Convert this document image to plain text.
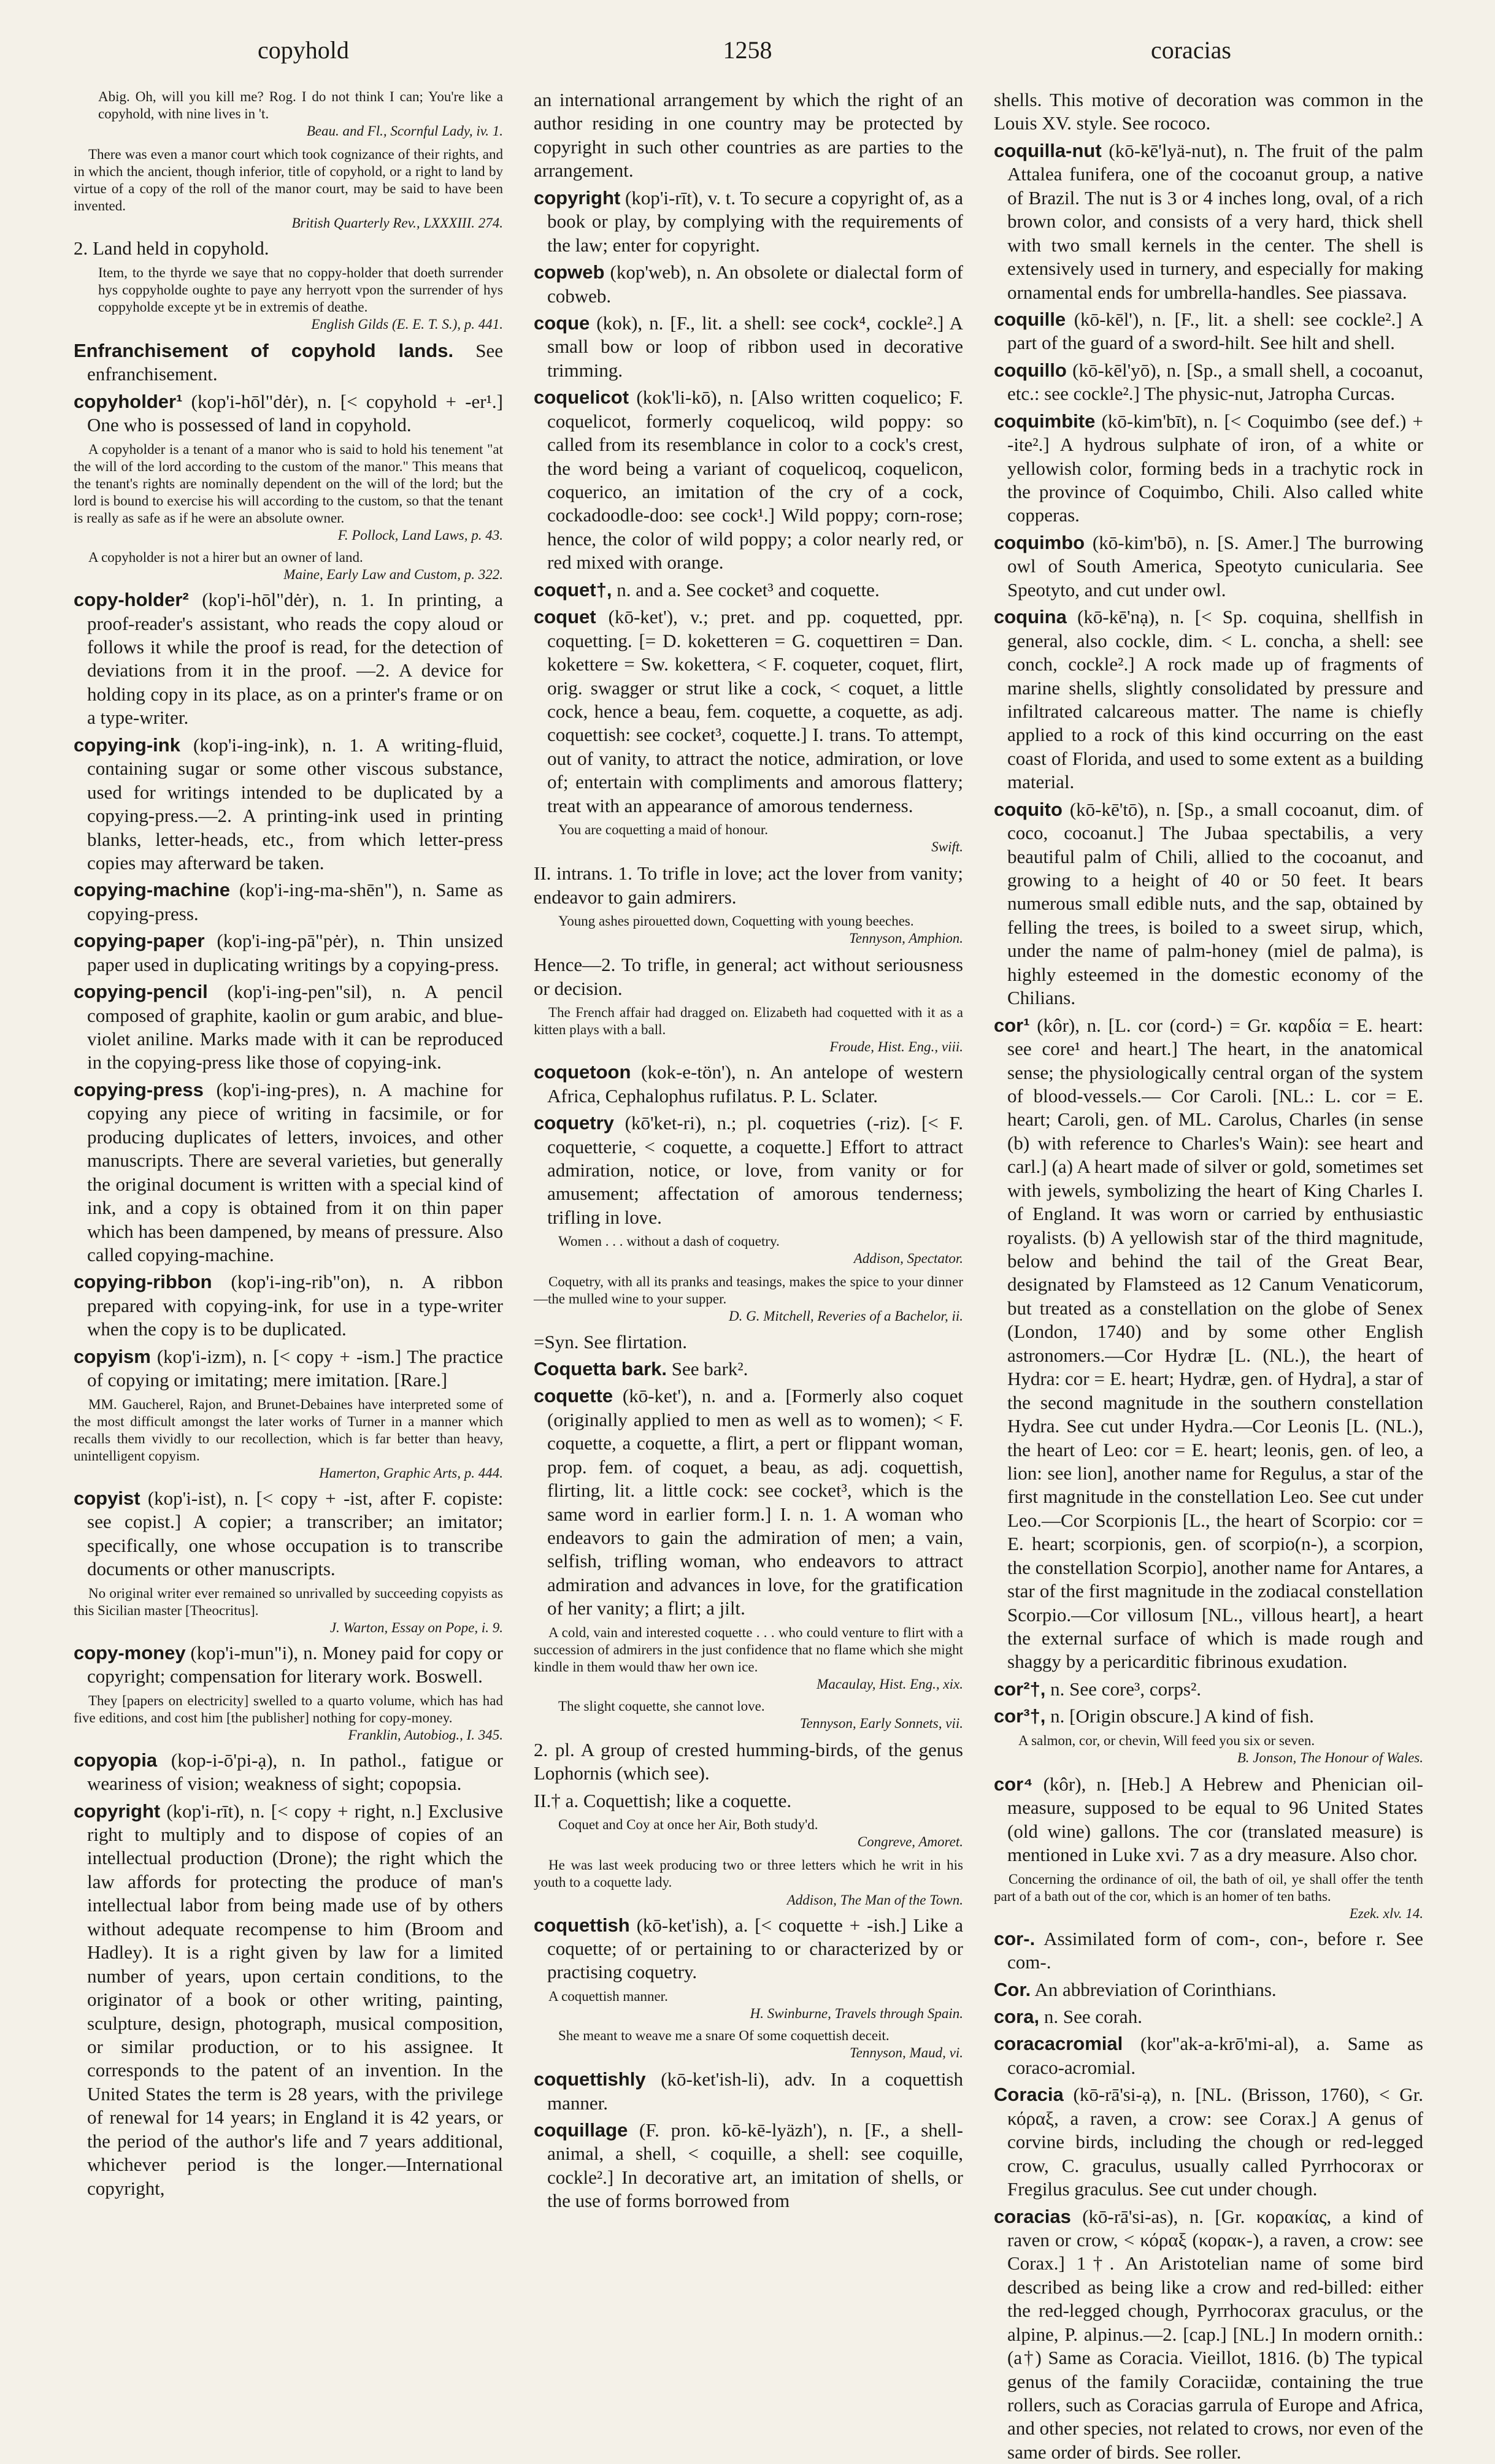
copyhold	1258	coracias
Abig. Oh, will you kill me? Rog. I do not think I can; You're like a copyhold, with nine lives in 't.
Beau. and Fl., Scornful Lady, iv. 1.
There was even a manor court which took cognizance of their rights, and in which the ancient, though inferior, title of copyhold, or a right to land by virtue of a copy of the roll of the manor court, may be said to have been invented.
British Quarterly Rev., LXXXIII. 274.
2. Land held in copyhold.
Item, to the thyrde we saye that no coppy-holder that doeth surrender hys coppyholde oughte to paye any herryott vpon the surrender of hys coppyholde excepte yt be in extremis of deathe.
English Gilds (E. E. T. S.), p. 441.
Enfranchisement of copyhold lands. See enfranchisement.
copyholder¹ (kop'i-hōl"dėr), n. [< copyhold + -er¹.] One who is possessed of land in copyhold.
A copyholder is a tenant of a manor who is said to hold his tenement "at the will of the lord according to the custom of the manor." This means that the tenant's rights are nominally dependent on the will of the lord; but the lord is bound to exercise his will according to the custom, so that the tenant is really as safe as if he were an absolute owner.
F. Pollock, Land Laws, p. 43.
A copyholder is not a hirer but an owner of land.
Maine, Early Law and Custom, p. 322.
copy-holder² (kop'i-hōl"dėr), n. 1. In printing, a proof-reader's assistant, who reads the copy aloud or follows it while the proof is read, for the detection of deviations from it in the proof. —2. A device for holding copy in its place, as on a printer's frame or on a type-writer.
copying-ink (kop'i-ing-ink), n. 1. A writing-fluid, containing sugar or some other viscous substance, used for writings intended to be duplicated by a copying-press.—2. A printing-ink used in printing blanks, letter-heads, etc., from which letter-press copies may afterward be taken.
copying-machine (kop'i-ing-ma-shēn"), n. Same as copying-press.
copying-paper (kop'i-ing-pā"pėr), n. Thin unsized paper used in duplicating writings by a copying-press.
copying-pencil (kop'i-ing-pen"sil), n. A pencil composed of graphite, kaolin or gum arabic, and blue-violet aniline. Marks made with it can be reproduced in the copying-press like those of copying-ink.
copying-press (kop'i-ing-pres), n. A machine for copying any piece of writing in facsimile, or for producing duplicates of letters, invoices, and other manuscripts. There are several varieties, but generally the original document is written with a special kind of ink, and a copy is obtained from it on thin paper which has been dampened, by means of pressure. Also called copying-machine.
copying-ribbon (kop'i-ing-rib"on), n. A ribbon prepared with copying-ink, for use in a type-writer when the copy is to be duplicated.
copyism (kop'i-izm), n. [< copy + -ism.] The practice of copying or imitating; mere imitation. [Rare.]
MM. Gaucherel, Rajon, and Brunet-Debaines have interpreted some of the most difficult amongst the later works of Turner in a manner which recalls them vividly to our recollection, which is far better than heavy, unintelligent copyism.
Hamerton, Graphic Arts, p. 444.
copyist (kop'i-ist), n. [< copy + -ist, after F. copiste: see copist.] A copier; a transcriber; an imitator; specifically, one whose occupation is to transcribe documents or other manuscripts.
No original writer ever remained so unrivalled by succeeding copyists as this Sicilian master [Theocritus].
J. Warton, Essay on Pope, i. 9.
copy-money (kop'i-mun"i), n. Money paid for copy or copyright; compensation for literary work. Boswell.
They [papers on electricity] swelled to a quarto volume, which has had five editions, and cost him [the publisher] nothing for copy-money.
Franklin, Autobiog., I. 345.
copyopia (kop-i-ō'pi-ạ), n. In pathol., fatigue or weariness of vision; weakness of sight; copopsia.
copyright (kop'i-rīt), n. [< copy + right, n.] Exclusive right to multiply and to dispose of copies of an intellectual production (Drone); the right which the law affords for protecting the produce of man's intellectual labor from being made use of by others without adequate recompense to him (Broom and Hadley). It is a right given by law for a limited number of years, upon certain conditions, to the originator of a book or other writing, painting, sculpture, design, photograph, musical composition, or similar production, or to his assignee. It corresponds to the patent of an invention. In the United States the term is 28 years, with the privilege of renewal for 14 years; in England it is 42 years, or the period of the author's life and 7 years additional, whichever period is the longer.—International copyright,
an international arrangement by which the right of an author residing in one country may be protected by copyright in such other countries as are parties to the arrangement.
copyright (kop'i-rīt), v. t. To secure a copyright of, as a book or play, by complying with the requirements of the law; enter for copyright.
copweb (kop'web), n. An obsolete or dialectal form of cobweb.
coque (kok), n. [F., lit. a shell: see cock⁴, cockle².] A small bow or loop of ribbon used in decorative trimming.
coquelicot (kok'li-kō), n. [Also written coquelico; F. coquelicot, formerly coquelicoq, wild poppy: so called from its resemblance in color to a cock's crest, the word being a variant of coquelicoq, coquelicon, coquerico, an imitation of the cry of a cock, cockadoodle-doo: see cock¹.] Wild poppy; corn-rose; hence, the color of wild poppy; a color nearly red, or red mixed with orange.
coquet†, n. and a. See cocket³ and coquette.
coquet (kō-ket'), v.; pret. and pp. coquetted, ppr. coquetting. [= D. koketteren = G. coquettiren = Dan. kokettere = Sw. kokettera, < F. coqueter, coquet, flirt, orig. swagger or strut like a cock, < coquet, a little cock, hence a beau, fem. coquette, a coquette, as adj. coquettish: see cocket³, coquette.] I. trans. To attempt, out of vanity, to attract the notice, admiration, or love of; entertain with compliments and amorous flattery; treat with an appearance of amorous tenderness.
You are coquetting a maid of honour.
Swift.
II. intrans. 1. To trifle in love; act the lover from vanity; endeavor to gain admirers.
Young ashes pirouetted down, Coquetting with young beeches.
Tennyson, Amphion.
Hence—2. To trifle, in general; act without seriousness or decision.
The French affair had dragged on. Elizabeth had coquetted with it as a kitten plays with a ball.
Froude, Hist. Eng., viii.
coquetoon (kok-e-tön'), n. An antelope of western Africa, Cephalophus rufilatus. P. L. Sclater.
coquetry (kō'ket-ri), n.; pl. coquetries (-riz). [< F. coquetterie, < coquette, a coquette.] Effort to attract admiration, notice, or love, from vanity or for amusement; affectation of amorous tenderness; trifling in love.
Women . . . without a dash of coquetry.
Addison, Spectator.
Coquetry, with all its pranks and teasings, makes the spice to your dinner—the mulled wine to your supper.
D. G. Mitchell, Reveries of a Bachelor, ii.
=Syn. See flirtation.
Coquetta bark. See bark².
coquette (kō-ket'), n. and a. [Formerly also coquet (originally applied to men as well as to women); < F. coquette, a coquette, a flirt, a pert or flippant woman, prop. fem. of coquet, a beau, as adj. coquettish, flirting, lit. a little cock: see cocket³, which is the same word in earlier form.] I. n. 1. A woman who endeavors to gain the admiration of men; a vain, selfish, trifling woman, who endeavors to attract admiration and advances in love, for the gratification of her vanity; a flirt; a jilt.
A cold, vain and interested coquette . . . who could venture to flirt with a succession of admirers in the just confidence that no flame which she might kindle in them would thaw her own ice.
Macaulay, Hist. Eng., xix.
The slight coquette, she cannot love.
Tennyson, Early Sonnets, vii.
2. pl. A group of crested humming-birds, of the genus Lophornis (which see).
II.† a. Coquettish; like a coquette.
Coquet and Coy at once her Air, Both study'd.
Congreve, Amoret.
He was last week producing two or three letters which he writ in his youth to a coquette lady.
Addison, The Man of the Town.
coquettish (kō-ket'ish), a. [< coquette + -ish.] Like a coquette; of or pertaining to or characterized by or practising coquetry.
A coquettish manner.
H. Swinburne, Travels through Spain.
She meant to weave me a snare Of some coquettish deceit.
Tennyson, Maud, vi.
coquettishly (kō-ket'ish-li), adv. In a coquettish manner.
coquillage (F. pron. kō-kē-lyäzh'), n. [F., a shell-animal, a shell, < coquille, a shell: see coquille, cockle².] In decorative art, an imitation of shells, or the use of forms borrowed from
shells. This motive of decoration was common in the Louis XV. style. See rococo.
coquilla-nut (kō-kē'lyä-nut), n. The fruit of the palm Attalea funifera, one of the cocoanut group, a native of Brazil. The nut is 3 or 4 inches long, oval, of a rich brown color, and consists of a very hard, thick shell with two small kernels in the center. The shell is extensively used in turnery, and especially for making ornamental ends for umbrella-handles. See piassava.
coquille (kō-kēl'), n. [F., lit. a shell: see cockle².] A part of the guard of a sword-hilt. See hilt and shell.
coquillo (kō-kēl'yō), n. [Sp., a small shell, a cocoanut, etc.: see cockle².] The physic-nut, Jatropha Curcas.
coquimbite (kō-kim'bīt), n. [< Coquimbo (see def.) + -ite².] A hydrous sulphate of iron, of a white or yellowish color, forming beds in a trachytic rock in the province of Coquimbo, Chili. Also called white copperas.
coquimbo (kō-kim'bō), n. [S. Amer.] The burrowing owl of South America, Speotyto cunicularia. See Speotyto, and cut under owl.
coquina (kō-kē'nạ), n. [< Sp. coquina, shellfish in general, also cockle, dim. < L. concha, a shell: see conch, cockle².] A rock made up of fragments of marine shells, slightly consolidated by pressure and infiltrated calcareous matter. The name is chiefly applied to a rock of this kind occurring on the east coast of Florida, and used to some extent as a building material.
coquito (kō-kē'tō), n. [Sp., a small cocoanut, dim. of coco, cocoanut.] The Jubaa spectabilis, a very beautiful palm of Chili, allied to the cocoanut, and growing to a height of 40 or 50 feet. It bears numerous small edible nuts, and the sap, obtained by felling the trees, is boiled to a sweet sirup, which, under the name of palm-honey (miel de palma), is highly esteemed in the domestic economy of the Chilians.
cor¹ (kôr), n. [L. cor (cord-) = Gr. καρδία = E. heart: see core¹ and heart.] The heart, in the anatomical sense; the physiologically central organ of the system of blood-vessels.— Cor Caroli. [NL.: L. cor = E. heart; Caroli, gen. of ML. Carolus, Charles (in sense (b) with reference to Charles's Wain): see heart and carl.] (a) A heart made of silver or gold, sometimes set with jewels, symbolizing the heart of King Charles I. of England. It was worn or carried by enthusiastic royalists. (b) A yellowish star of the third magnitude, below and behind the tail of the Great Bear, designated by Flamsteed as 12 Canum Venaticorum, but treated as a constellation on the globe of Senex (London, 1740) and by some other English astronomers.—Cor Hydræ [L. (NL.), the heart of Hydra: cor = E. heart; Hydræ, gen. of Hydra], a star of the second magnitude in the southern constellation Hydra. See cut under Hydra.—Cor Leonis [L. (NL.), the heart of Leo: cor = E. heart; leonis, gen. of leo, a lion: see lion], another name for Regulus, a star of the first magnitude in the constellation Leo. See cut under Leo.—Cor Scorpionis [L., the heart of Scorpio: cor = E. heart; scorpionis, gen. of scorpio(n-), a scorpion, the constellation Scorpio], another name for Antares, a star of the first magnitude in the zodiacal constellation Scorpio.—Cor villosum [NL., villous heart], a heart the external surface of which is made rough and shaggy by a pericarditic fibrinous exudation.
cor²†, n. See core³, corps².
cor³†, n. [Origin obscure.] A kind of fish.
A salmon, cor, or chevin, Will feed you six or seven.
B. Jonson, The Honour of Wales.
cor⁴ (kôr), n. [Heb.] A Hebrew and Phenician oil-measure, supposed to be equal to 96 United States (old wine) gallons. The cor (translated measure) is mentioned in Luke xvi. 7 as a dry measure. Also chor.
Concerning the ordinance of oil, the bath of oil, ye shall offer the tenth part of a bath out of the cor, which is an homer of ten baths.
Ezek. xlv. 14.
cor-. Assimilated form of com-, con-, before r. See com-.
Cor. An abbreviation of Corinthians.
cora, n. See corah.
coracacromial (kor"ak-a-krō'mi-al), a. Same as coraco-acromial.
Coracia (kō-rā'si-ạ), n. [NL. (Brisson, 1760), < Gr. κόραξ, a raven, a crow: see Corax.] A genus of corvine birds, including the chough or red-legged crow, C. graculus, usually called Pyrrhocorax or Fregilus graculus. See cut under chough.
coracias (kō-rā'si-as), n. [Gr. κορακίας, a kind of raven or crow, < κόραξ (κορακ-), a raven, a crow: see Corax.] 1†. An Aristotelian name of some bird described as being like a crow and red-billed: either the red-legged chough, Pyrrhocorax graculus, or the alpine, P. alpinus.—2. [cap.] [NL.] In modern ornith.: (a†) Same as Coracia. Vieillot, 1816. (b) The typical genus of the family Coraciidæ, containing the true rollers, such as Coracias garrula of Europe and Africa, and other species, not related to crows, nor even of the same order of birds. See roller.
